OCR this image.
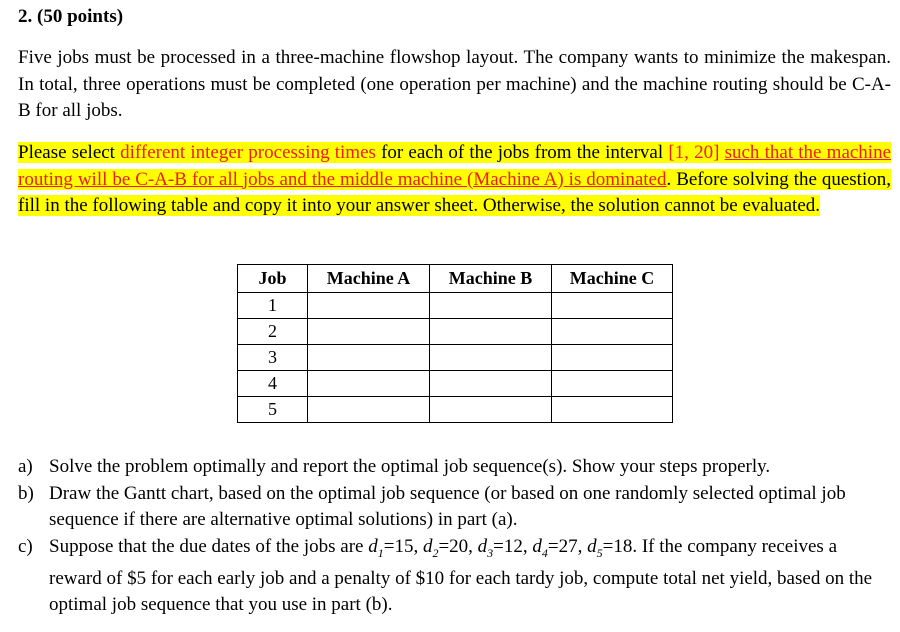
2. (50 points)
Five jobs must be processed in a three-machine flowshop layout. The company wants to minimize the makespan. In total, three operations must be completed (one operation per machine) and the machine routing should be C-A-B for all jobs.
Please select different integer processing times for each of the jobs from the interval [1, 20] such that the machine routing will be C-A-B for all jobs and the middle machine (Machine A) is dominated. Before solving the question, fill in the following table and copy it into your answer sheet. Otherwise, the solution cannot be evaluated.
Job	Machine A	Machine B	Machine C
1			
2			
3			
4			
5			
a) Solve the problem optimally and report the optimal job sequence(s). Show your steps properly.
b) Draw the Gantt chart, based on the optimal job sequence (or based on one randomly selected optimal job sequence if there are alternative optimal solutions) in part (a).
c) Suppose that the due dates of the jobs are $d_1=15$, $d_2=20$, $d_3=12$, $d_4=27$, $d_5=18$. If the company receives a reward of $5 for each early job and a penalty of $10 for each tardy job, compute total net yield, based on the optimal job sequence that you use in part (b).
